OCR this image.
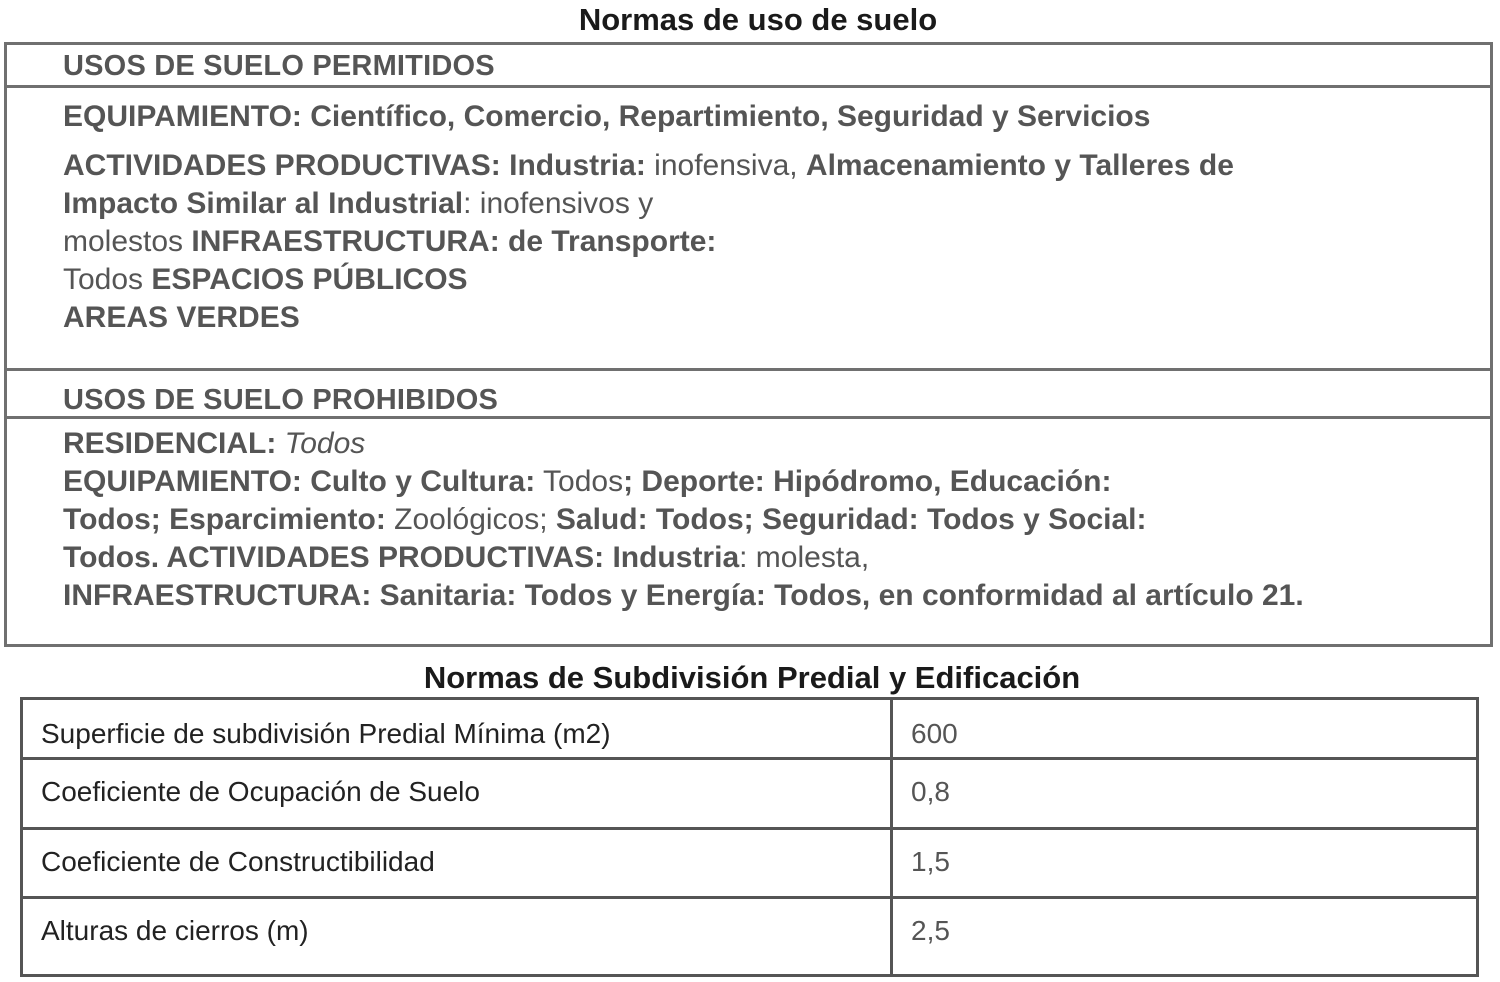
Normas de uso de suelo
USOS DE SUELO PERMITIDOS
EQUIPAMIENTO: Científico, Comercio, Repartimiento, Seguridad y Servicios
ACTIVIDADES PRODUCTIVAS: Industria: inofensiva, Almacenamiento y Talleres de
Impacto Similar al Industrial: inofensivos y
molestos INFRAESTRUCTURA: de Transporte:
Todos ESPACIOS PÚBLICOS
AREAS VERDES
USOS DE SUELO PROHIBIDOS
RESIDENCIAL: Todos
EQUIPAMIENTO: Culto y Cultura: Todos; Deporte: Hipódromo, Educación:
Todos; Esparcimiento: Zoológicos; Salud: Todos; Seguridad: Todos y Social:
Todos. ACTIVIDADES PRODUCTIVAS: Industria: molesta,
INFRAESTRUCTURA: Sanitaria: Todos y Energía: Todos, en conformidad al artículo 21.
Normas de Subdivisión Predial y Edificación
Superficie de subdivisión Predial Mínima (m2)	600
Coeficiente de Ocupación de Suelo	0,8
Coeficiente de Constructibilidad	1,5
Alturas de cierros (m)	2,5
